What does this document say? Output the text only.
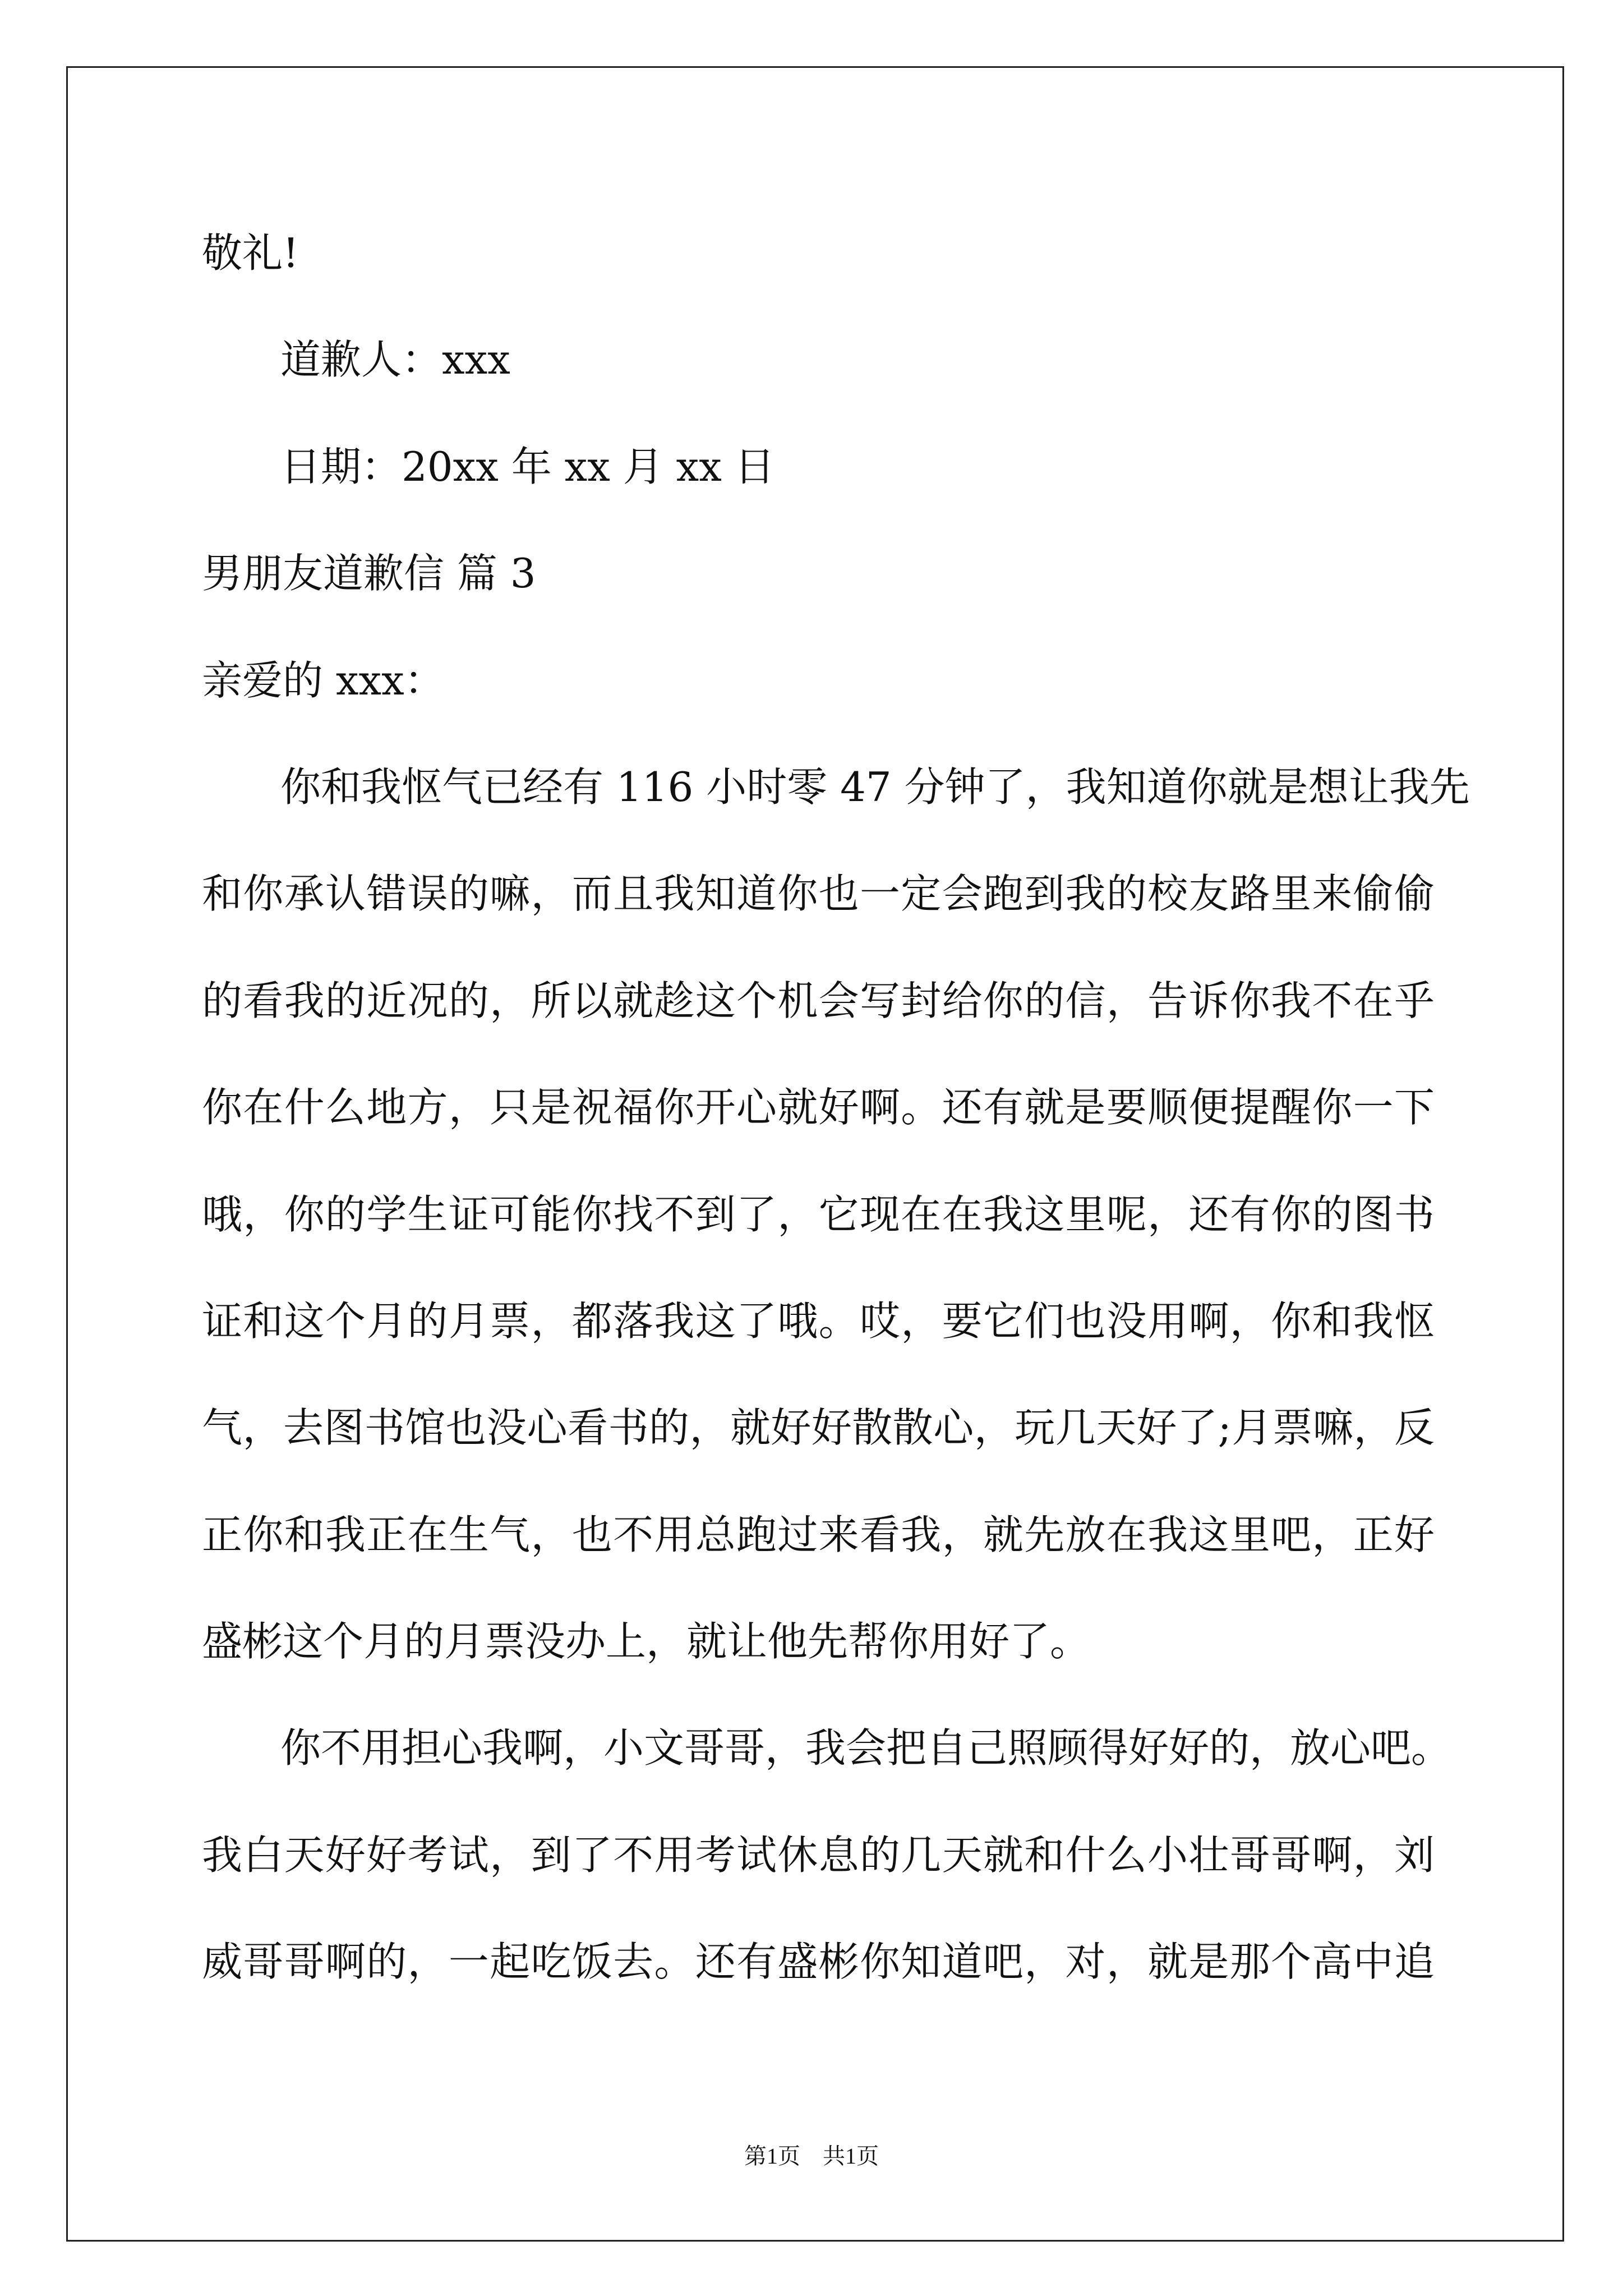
敬礼!
道歉人：xxx
日期：20xx 年 xx 月 xx 日
男朋友道歉信 篇 3
亲爱的 xxx：
你和我怄气已经有 116 小时零 47 分钟了，我知道你就是想让我先
和你承认错误的嘛，而且我知道你也一定会跑到我的校友路里来偷偷
的看我的近况的，所以就趁这个机会写封给你的信，告诉你我不在乎
你在什么地方，只是祝福你开心就好啊。还有就是要顺便提醒你一下
哦，你的学生证可能你找不到了，它现在在我这里呢，还有你的图书
证和这个月的月票，都落我这了哦。哎，要它们也没用啊，你和我怄
气，去图书馆也没心看书的，就好好散散心，玩几天好了;月票嘛，反
正你和我正在生气，也不用总跑过来看我，就先放在我这里吧，正好
盛彬这个月的月票没办上，就让他先帮你用好了。
你不用担心我啊，小文哥哥，我会把自己照顾得好好的，放心吧。
我白天好好考试，到了不用考试休息的几天就和什么小壮哥哥啊，刘
威哥哥啊的，一起吃饭去。还有盛彬你知道吧，对，就是那个高中追
第1页 共1页
